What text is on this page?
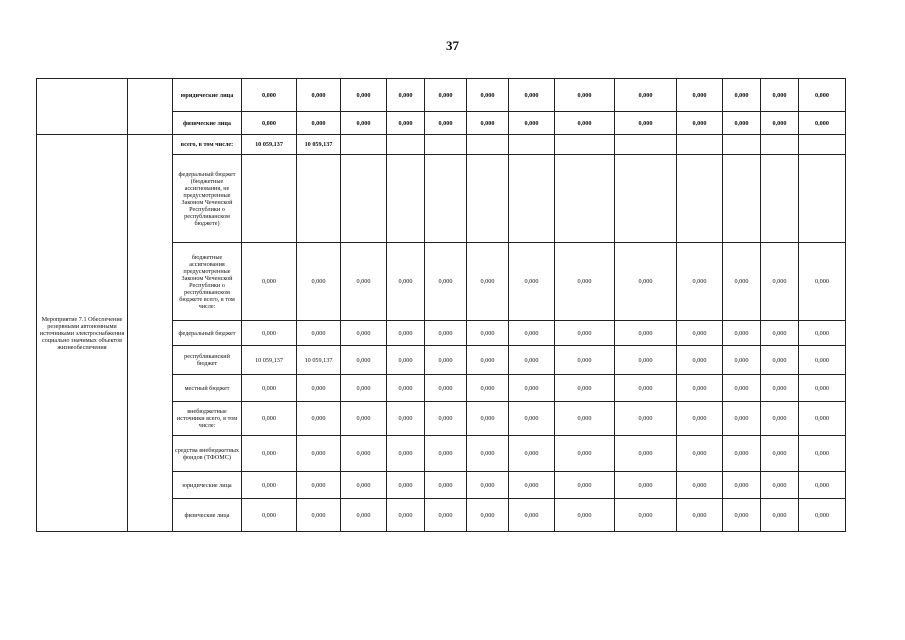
37
		юридические лица	0,000	0,000	0,000	0,000	0,000	0,000	0,000	0,000	0,000	0,000	0,000	0,000	0,000
		физические лица	0,000	0,000	0,000	0,000	0,000	0,000	0,000	0,000	0,000	0,000	0,000	0,000	0,000
Мероприятие 7.1 Обеспечение резервными автономными источниками электроснабжения социально значимых объектов жизнеобеспечения		всего, в том числе:	10 059,137	10 059,137											
		федеральный бюджет (бюджетные ассигнования, не предусмотренные Законом Чеченской Республики о республиканском бюджете)													
		бюджетные ассигнования предусмотренные Законом Чеченской Республики о республиканском бюджете всего, в том числе:	0,000	0,000	0,000	0,000	0,000	0,000	0,000	0,000	0,000	0,000	0,000	0,000	0,000
		федеральный бюджет	0,000	0,000	0,000	0,000	0,000	0,000	0,000	0,000	0,000	0,000	0,000	0,000	0,000
		республиканский бюджет	10 059,137	10 059,137	0,000	0,000	0,000	0,000	0,000	0,000	0,000	0,000	0,000	0,000	0,000
		местный бюджет	0,000	0,000	0,000	0,000	0,000	0,000	0,000	0,000	0,000	0,000	0,000	0,000	0,000
		внебюджетные источники всего, в том числе:	0,000	0,000	0,000	0,000	0,000	0,000	0,000	0,000	0,000	0,000	0,000	0,000	0,000
		средства внебюджетных фондов (ТФОМС)	0,000	0,000	0,000	0,000	0,000	0,000	0,000	0,000	0,000	0,000	0,000	0,000	0,000
		юридические лица	0,000	0,000	0,000	0,000	0,000	0,000	0,000	0,000	0,000	0,000	0,000	0,000	0,000
		физические лица	0,000	0,000	0,000	0,000	0,000	0,000	0,000	0,000	0,000	0,000	0,000	0,000	0,000
